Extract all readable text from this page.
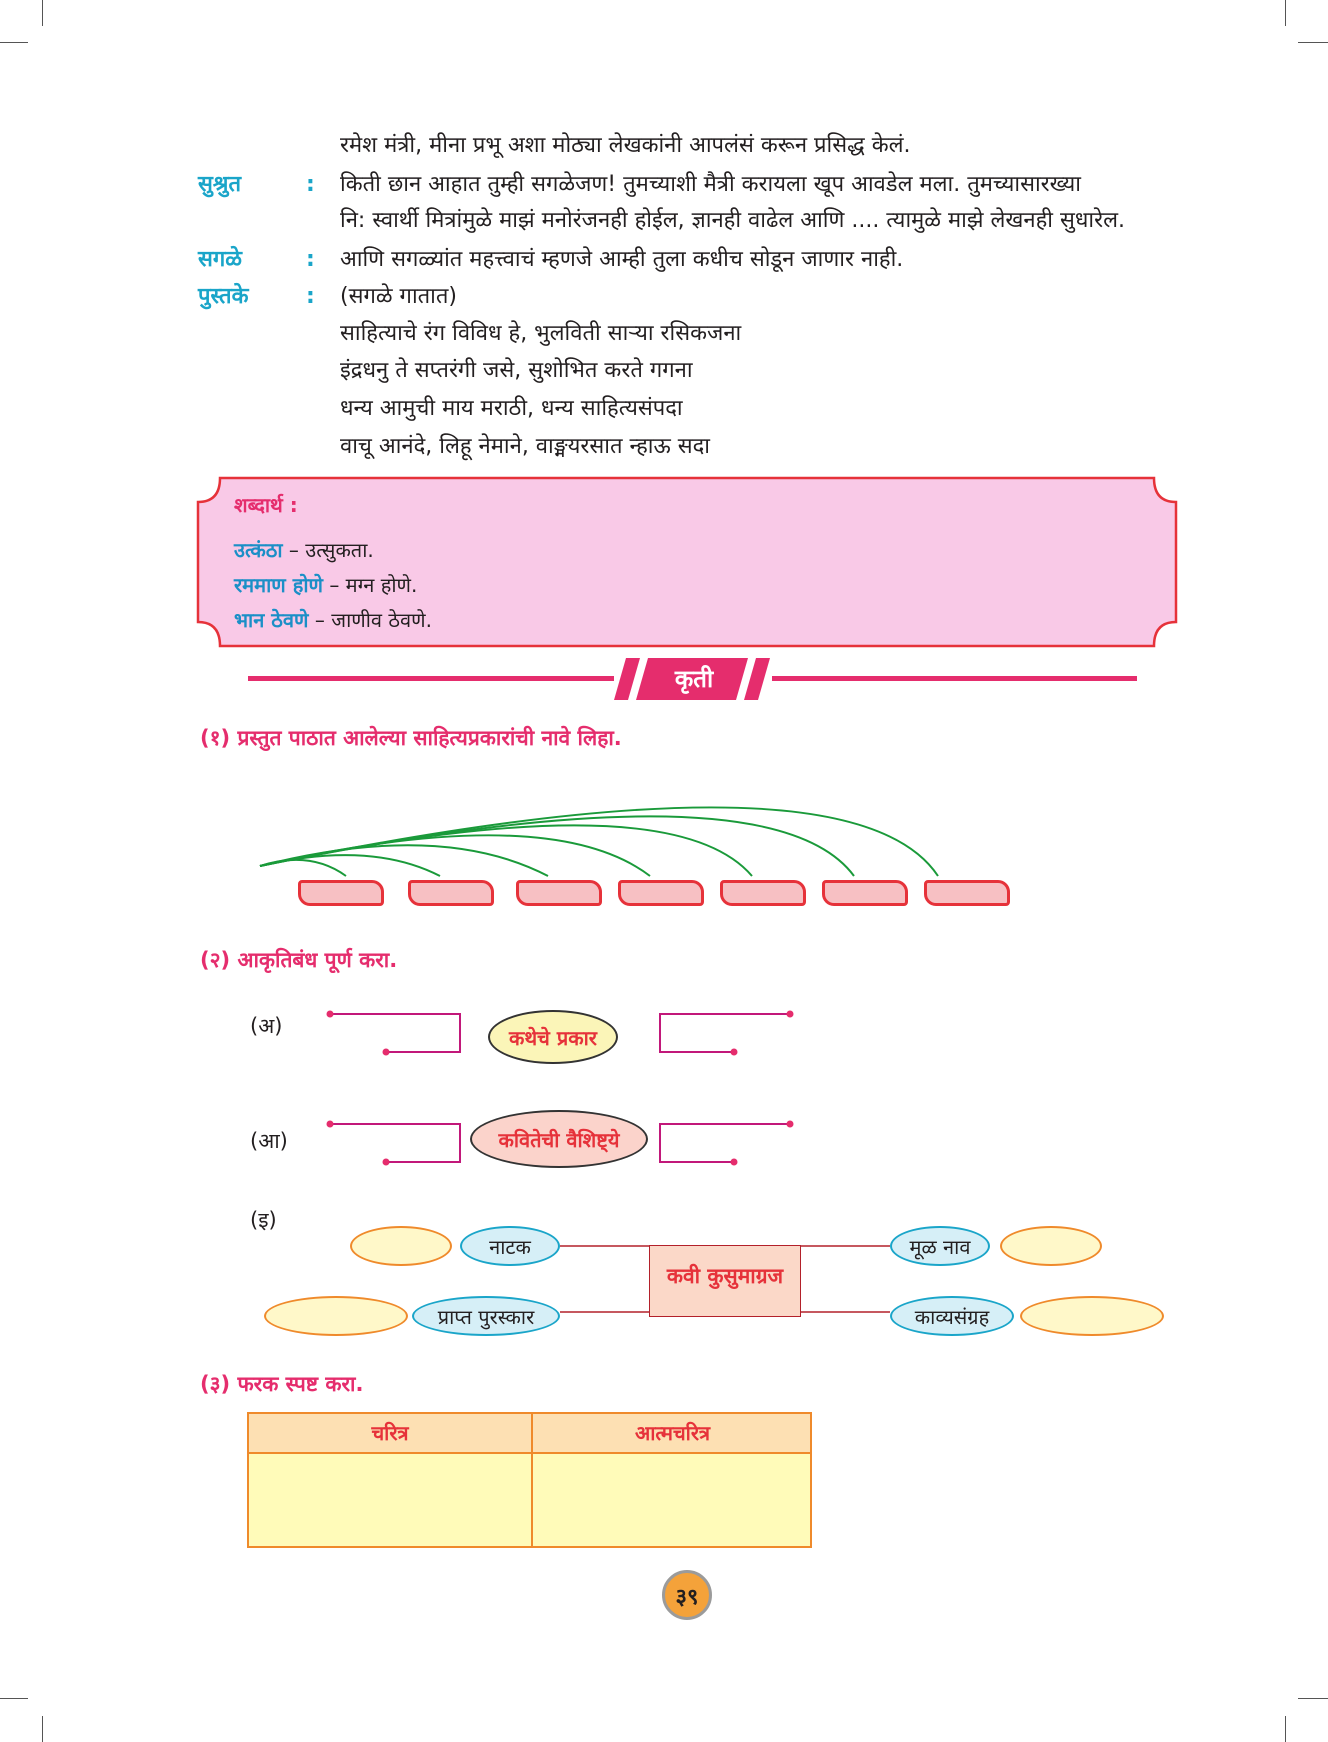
रमेश मंत्री, मीना प्रभू अशा मोठ्या लेखकांनी आपलंसं करून प्रसिद्ध केलं.
सुश्रुत	: किती छान आहात तुम्ही सगळेजण! तुमच्याशी मैत्री करायला खूप आवडेल मला. तुमच्यासारख्या
नि: स्वार्थी मित्रांमुळे माझं मनोरंजनही होईल, ज्ञानही वाढेल आणि .... त्यामुळे माझे लेखनही सुधारेल.
सगळे	: आणि सगळ्यांत महत्त्वाचं म्हणजे आम्ही तुला कधीच सोडून जाणार नाही.
पुस्तके	: (सगळे गातात)
साहित्याचे रंग विविध हे, भुलविती साऱ्या रसिकजना
इंद्रधनु ते सप्तरंगी जसे, सुशोभित करते गगना
धन्य आमुची माय मराठी, धन्य साहित्यसंपदा
वाचू आनंदे, लिहू नेमाने, वाङ्मयरसात न्हाऊ सदा
शब्दार्थ :
उत्कंठा – उत्सुकता.
रममाण होणे – मग्न होणे.
भान ठेवणे – जाणीव ठेवणे.
कृती
(१) प्रस्तुत पाठात आलेल्या साहित्यप्रकारांची नावे लिहा.
(२) आकृतिबंध पूर्ण करा.
(अ)	कथेचे प्रकार
(आ)	कवितेची वैशिष्ट्ये
(इ)
कवी कुसुमाग्रज
नाटक
प्राप्त पुरस्कार
मूळ नाव
काव्यसंग्रह
(३) फरक स्पष्ट करा.
चरित्र	आत्मचरित्र
३९
